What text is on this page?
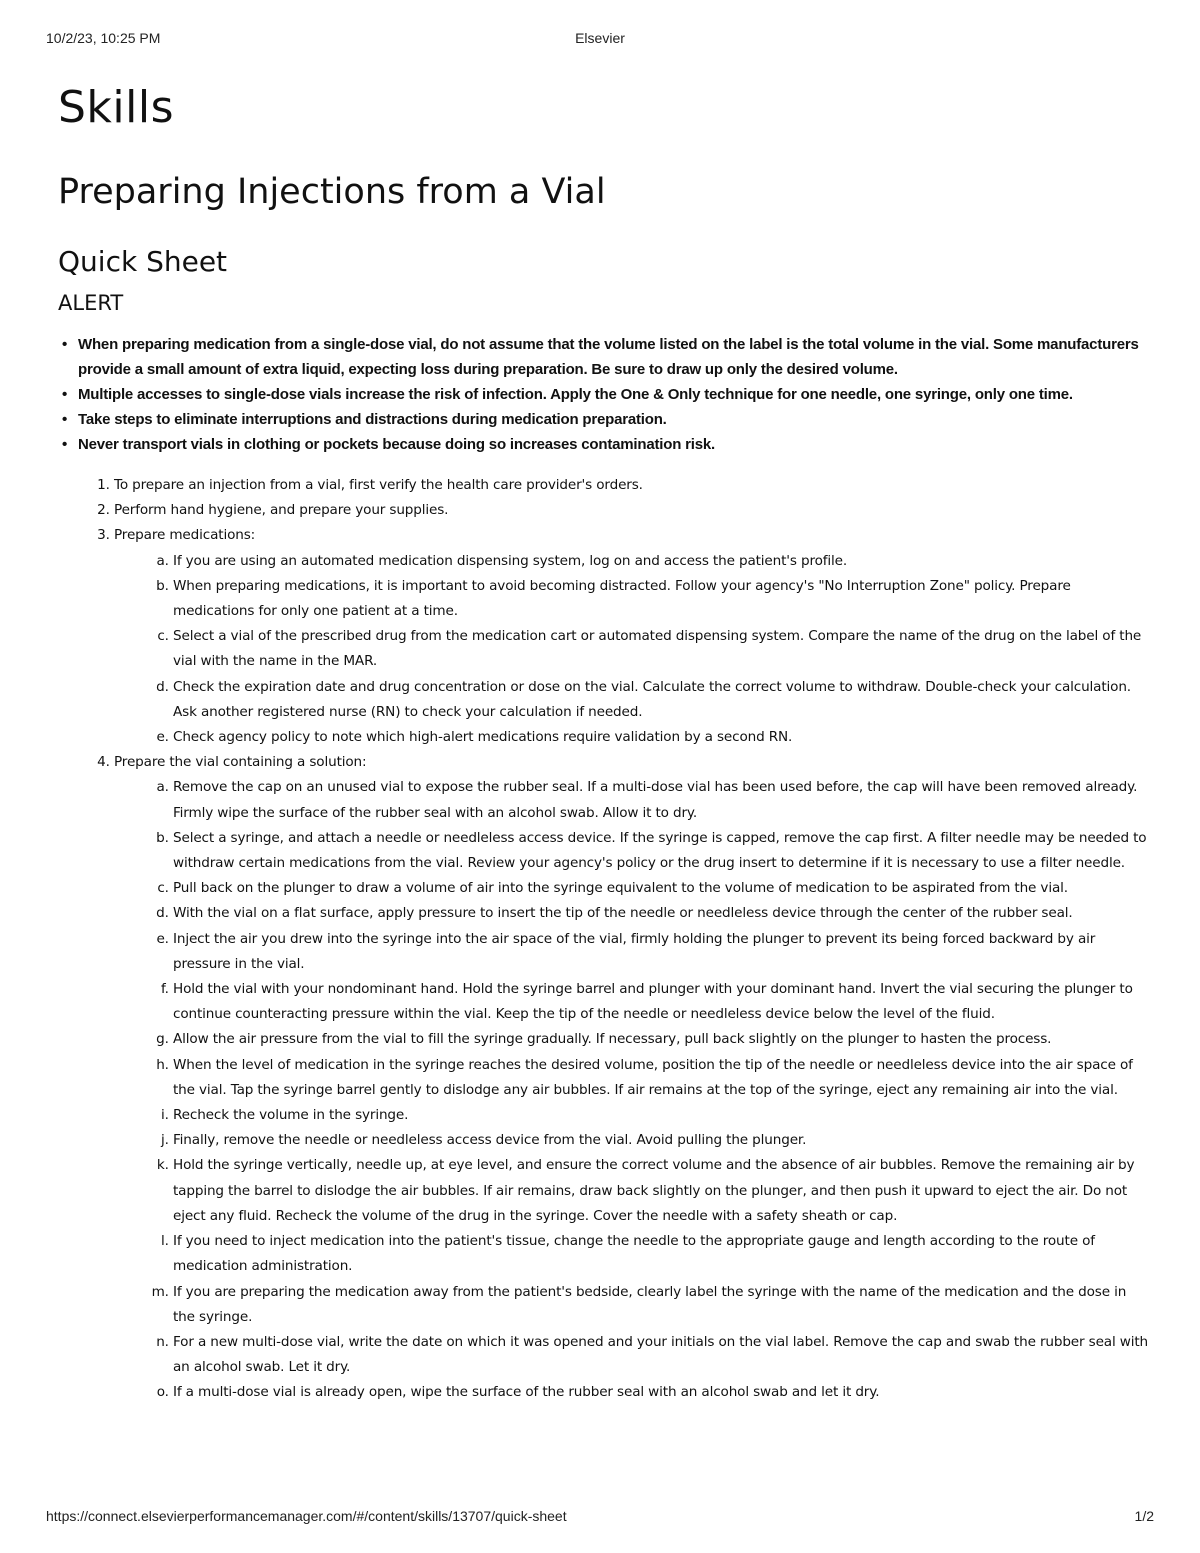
10/2/23, 10:25 PM	Elsevier
Skills
Preparing Injections from a Vial
Quick Sheet
ALERT
• When preparing medication from a single-dose vial, do not assume that the volume listed on the label is the total volume in the vial. Some manufacturers provide a small amount of extra liquid, expecting loss during preparation. Be sure to draw up only the desired volume.
• Multiple accesses to single-dose vials increase the risk of infection. Apply the One & Only technique for one needle, one syringe, only one time.
• Take steps to eliminate interruptions and distractions during medication preparation.
• Never transport vials in clothing or pockets because doing so increases contamination risk.
1. To prepare an injection from a vial, first verify the health care provider's orders.
2. Perform hand hygiene, and prepare your supplies.
3. Prepare medications:
a. If you are using an automated medication dispensing system, log on and access the patient's profile.
b. When preparing medications, it is important to avoid becoming distracted. Follow your agency's "No Interruption Zone" policy. Prepare medications for only one patient at a time.
c. Select a vial of the prescribed drug from the medication cart or automated dispensing system. Compare the name of the drug on the label of the vial with the name in the MAR.
d. Check the expiration date and drug concentration or dose on the vial. Calculate the correct volume to withdraw. Double-check your calculation. Ask another registered nurse (RN) to check your calculation if needed.
e. Check agency policy to note which high-alert medications require validation by a second RN.
4. Prepare the vial containing a solution:
a. Remove the cap on an unused vial to expose the rubber seal. If a multi-dose vial has been used before, the cap will have been removed already. Firmly wipe the surface of the rubber seal with an alcohol swab. Allow it to dry.
b. Select a syringe, and attach a needle or needleless access device. If the syringe is capped, remove the cap first. A filter needle may be needed to withdraw certain medications from the vial. Review your agency's policy or the drug insert to determine if it is necessary to use a filter needle.
c. Pull back on the plunger to draw a volume of air into the syringe equivalent to the volume of medication to be aspirated from the vial.
d. With the vial on a flat surface, apply pressure to insert the tip of the needle or needleless device through the center of the rubber seal.
e. Inject the air you drew into the syringe into the air space of the vial, firmly holding the plunger to prevent its being forced backward by air pressure in the vial.
f. Hold the vial with your nondominant hand. Hold the syringe barrel and plunger with your dominant hand. Invert the vial securing the plunger to continue counteracting pressure within the vial. Keep the tip of the needle or needleless device below the level of the fluid.
g. Allow the air pressure from the vial to fill the syringe gradually. If necessary, pull back slightly on the plunger to hasten the process.
h. When the level of medication in the syringe reaches the desired volume, position the tip of the needle or needleless device into the air space of the vial. Tap the syringe barrel gently to dislodge any air bubbles. If air remains at the top of the syringe, eject any remaining air into the vial.
i. Recheck the volume in the syringe.
j. Finally, remove the needle or needleless access device from the vial. Avoid pulling the plunger.
k. Hold the syringe vertically, needle up, at eye level, and ensure the correct volume and the absence of air bubbles. Remove the remaining air by tapping the barrel to dislodge the air bubbles. If air remains, draw back slightly on the plunger, and then push it upward to eject the air. Do not eject any fluid. Recheck the volume of the drug in the syringe. Cover the needle with a safety sheath or cap.
l. If you need to inject medication into the patient's tissue, change the needle to the appropriate gauge and length according to the route of medication administration.
m. If you are preparing the medication away from the patient's bedside, clearly label the syringe with the name of the medication and the dose in the syringe.
n. For a new multi-dose vial, write the date on which it was opened and your initials on the vial label. Remove the cap and swab the rubber seal with an alcohol swab. Let it dry.
o. If a multi-dose vial is already open, wipe the surface of the rubber seal with an alcohol swab and let it dry.
https://connect.elsevierperformancemanager.com/#/content/skills/13707/quick-sheet	1/2
